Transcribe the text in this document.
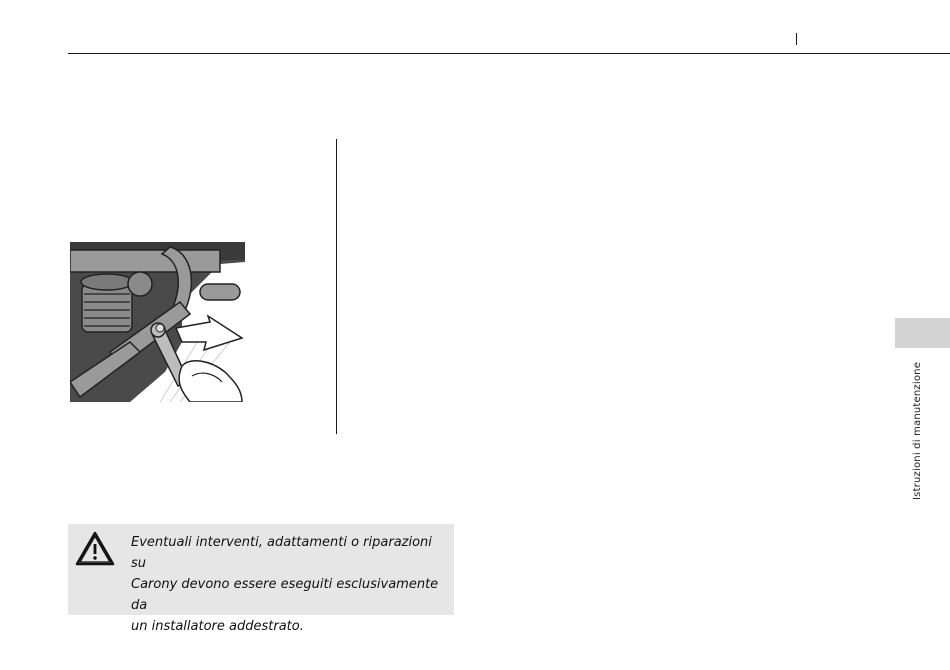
Istruzioni di manutenzione
Eventuali interventi, adattamenti o riparazioni su
Carony devono essere eseguiti esclusivamente da
un installatore addestrato.
